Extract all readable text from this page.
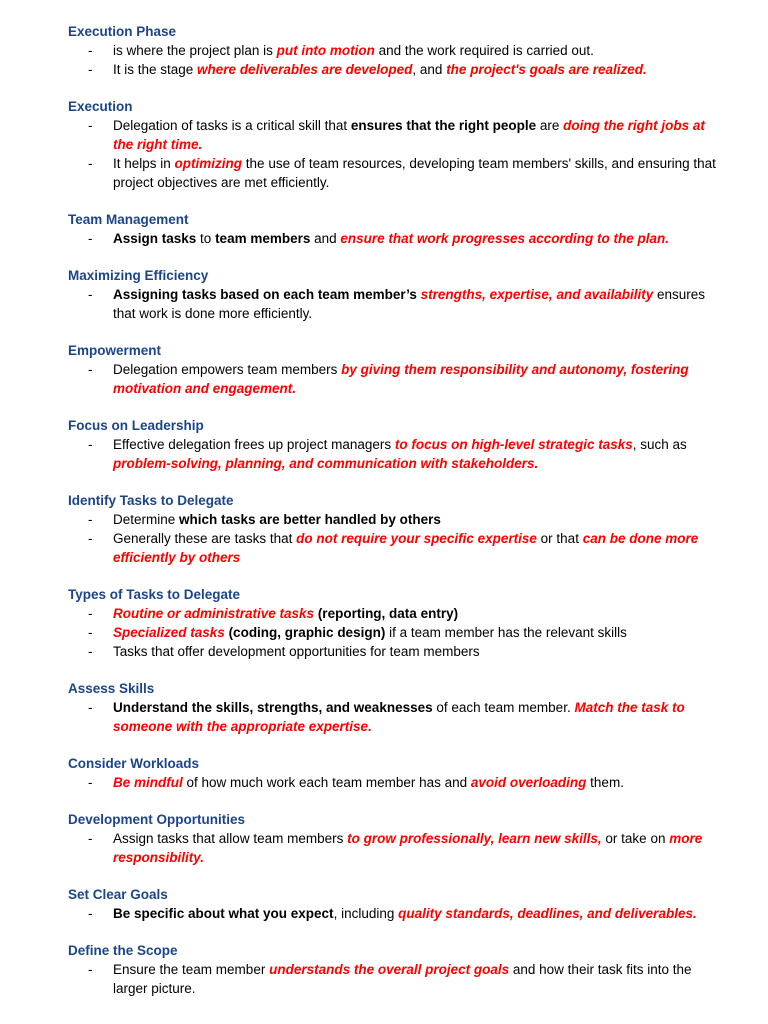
Execution Phase
- is where the project plan is put into motion and the work required is carried out.
- It is the stage where deliverables are developed, and the project's goals are realized.
Execution
- Delegation of tasks is a critical skill that ensures that the right people are doing the right jobs at the right time.
- It helps in optimizing the use of team resources, developing team members' skills, and ensuring that project objectives are met efficiently.
Team Management
- Assign tasks to team members and ensure that work progresses according to the plan.
Maximizing Efficiency
- Assigning tasks based on each team member’s strengths, expertise, and availability ensures that work is done more efficiently.
Empowerment
- Delegation empowers team members by giving them responsibility and autonomy, fostering motivation and engagement.
Focus on Leadership
- Effective delegation frees up project managers to focus on high-level strategic tasks, such as problem-solving, planning, and communication with stakeholders.
Identify Tasks to Delegate
- Determine which tasks are better handled by others
- Generally these are tasks that do not require your specific expertise or that can be done more efficiently by others
Types of Tasks to Delegate
- Routine or administrative tasks (reporting, data entry)
- Specialized tasks (coding, graphic design) if a team member has the relevant skills
- Tasks that offer development opportunities for team members
Assess Skills
- Understand the skills, strengths, and weaknesses of each team member. Match the task to someone with the appropriate expertise.
Consider Workloads
- Be mindful of how much work each team member has and avoid overloading them.
Development Opportunities
- Assign tasks that allow team members to grow professionally, learn new skills, or take on more responsibility.
Set Clear Goals
- Be specific about what you expect, including quality standards, deadlines, and deliverables.
Define the Scope
- Ensure the team member understands the overall project goals and how their task fits into the larger picture.
